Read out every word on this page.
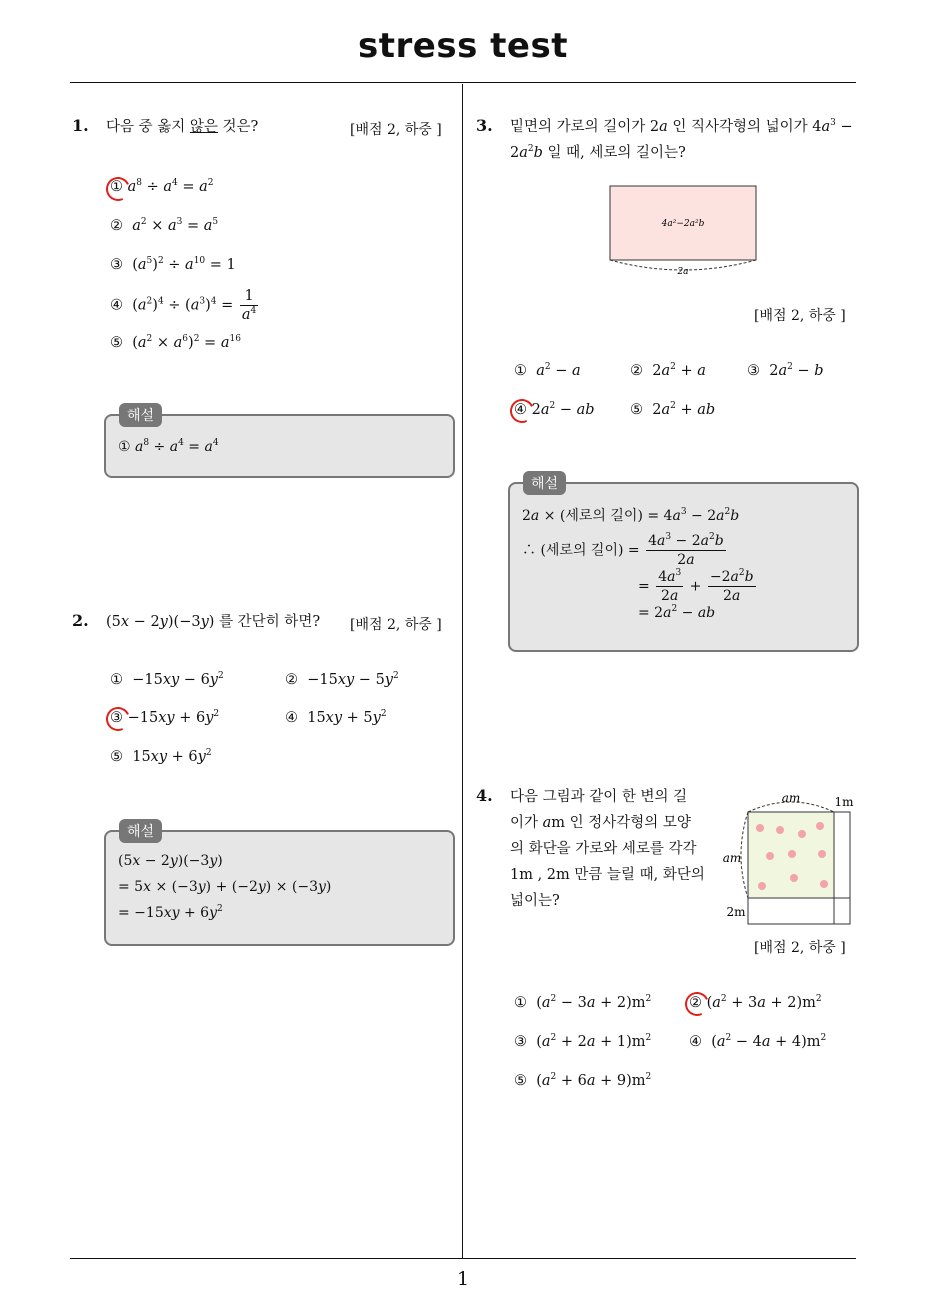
stress test
1
1. 다음 중 옳지 않은 것은?	[배점 2, 하중 ]
① $a^8 \div a^4 = a^2$
②  $a^2 \times a^3 = a^5$
③  $(a^5)^2 \div a^{10} = 1$
④  $(a^2)^4 \div (a^3)^4 = \frac{1}{a^4}$
⑤  $(a^2 \times a^6)^2 = a^{16}$
해설
① $a^8 \div a^4 = a^4$
2. (5x − 2y)(−3y) 를 간단히 하면? [배점 2, 하중 ]
①  $-15xy - 6y^2$	②  $-15xy - 5y^2$
③ $-15xy + 6y^2$	④  $15xy + 5y^2$
⑤  $15xy + 6y^2$
해설
(5x − 2y)(−3y)
= 5x × (−3y) + (−2y) × (−3y)
= $-15xy + 6y^2$
3. 밑면의 가로의 길이가 2a 인 직사각형의 넓이가 $4a^3$ −
$2a^2b$ 일 때, 세로의 길이는?
4a²−2a²b
2a
[배점 2, 하중 ]
①  $a^2 - a$	②  $2a^2 + a$	③  $2a^2 - b$
④ $2a^2$ − ab ⑤  $2a^2$ + ab
해설
2a × (세로의 길이) = $4a^3 - 2a^2b$
∴ (세로의 길이) = $\frac{4a^3 - 2a^2b}{2a}$
= $\frac{4a^3}{2a} + \frac{-2a^2b}{2a}$
= $2a^2$ − ab
4. 다음 그림과 같이 한 변의 길
이가 am 인 정사각형의 모양
의 화단을 가로와 세로를 각각
1m , 2m 만큼 늘릴 때, 화단의
넓이는?
am
am
1m
2m
[배점 2, 하중 ]
①  $(a^2 - 3a + 2)m^2$	② $(a^2 + 3a + 2)m^2$
③  $(a^2 + 2a + 1)m^2$	④  $(a^2 - 4a + 4)m^2$
⑤  $(a^2 + 6a + 9)m^2$
